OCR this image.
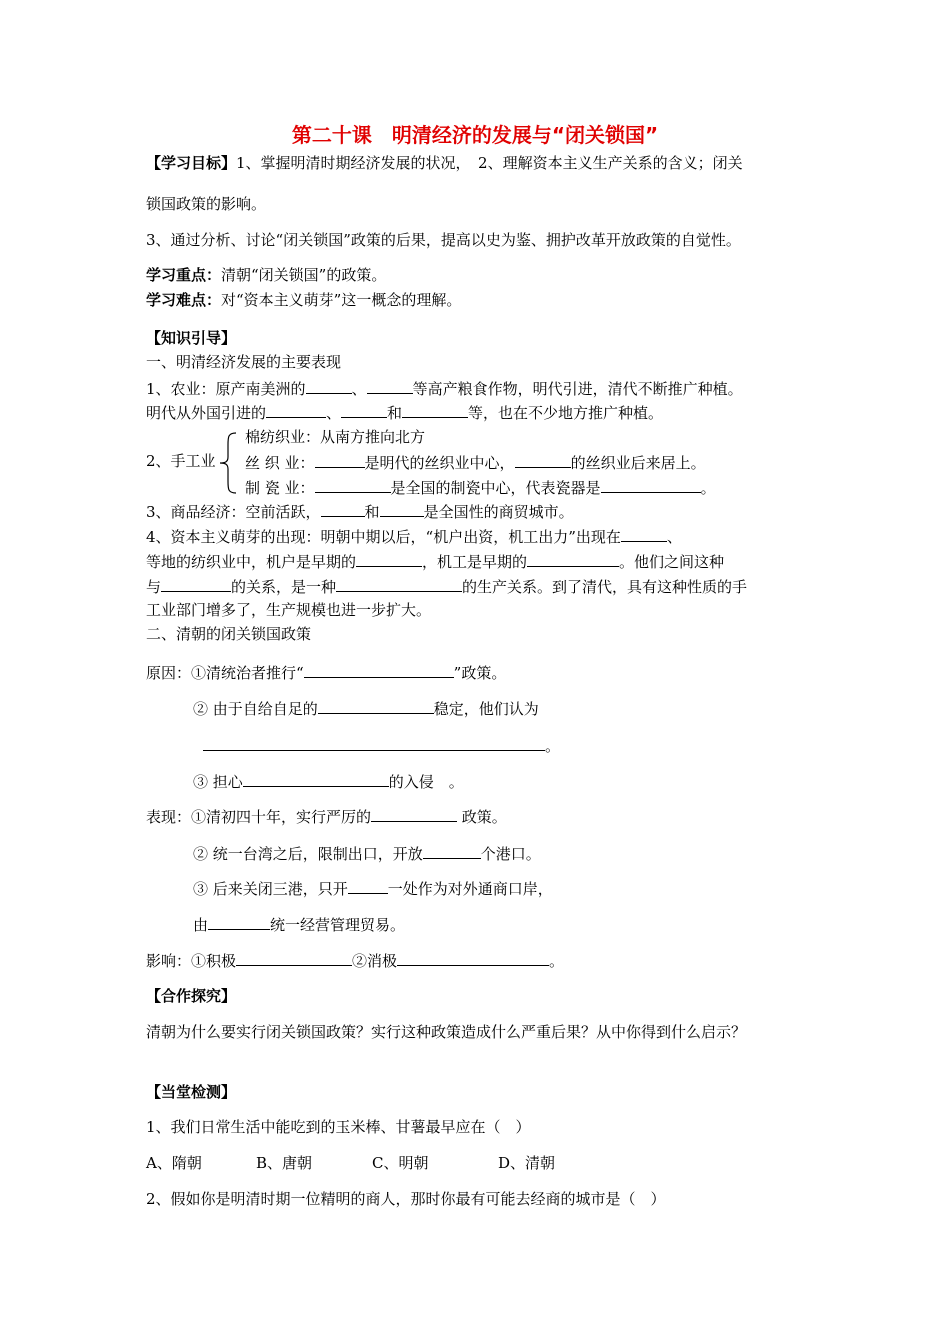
第二十课　明清经济的发展与“闭关锁国”
【学习目标】1、掌握明清时期经济发展的状况，　2、理解资本主义生产关系的含义；闭关
锁国政策的影响。
3、通过分析、讨论“闭关锁国”政策的后果，提高以史为鉴、拥护改革开放政策的自觉性。
学习重点：清朝“闭关锁国”的政策。
学习难点：对“资本主义萌芽”这一概念的理解。
【知识引导】
一、明清经济发展的主要表现
1、农业：原产南美洲的	、	等高产粮食作物，明代引进，清代不断推广种植。
明代从外国引进的	、	和	等，也在不少地方推广种植。
2、手工业
棉纺织业：从南方推向北方
丝 织 业：	是明代的丝织业中心，	的丝织业后来居上。
制 瓷 业：	是全国的制瓷中心，代表瓷器是	。
3、商品经济：空前活跃，	和	是全国性的商贸城市。
4、资本主义萌芽的出现：明朝中期以后，“机户出资，机工出力”出现在	、
等地的纺织业中，机户是早期的	，机工是早期的	。他们之间这种
与	的关系，是一种	的生产关系。到了清代，具有这种性质的手
工业部门增多了，生产规模也进一步扩大。
二、清朝的闭关锁国政策
原因：①清统治者推行“	”政策。
② 由于自给自足的	稳定，他们认为
。
③ 担心	的入侵　。
表现：①清初四十年，实行严厉的	政策。
② 统一台湾之后，限制出口，开放	个港口。
③ 后来关闭三港，只开	一处作为对外通商口岸，
由	统一经营管理贸易。
影响：①积极	②消极	。
【合作探究】
清朝为什么要实行闭关锁国政策？实行这种政策造成什么严重后果？从中你得到什么启示？
【当堂检测】
1、我们日常生活中能吃到的玉米棒、甘薯最早应在（　）
A、隋朝	B、唐朝	C、明朝	D、清朝
2、假如你是明清时期一位精明的商人，那时你最有可能去经商的城市是（　）
